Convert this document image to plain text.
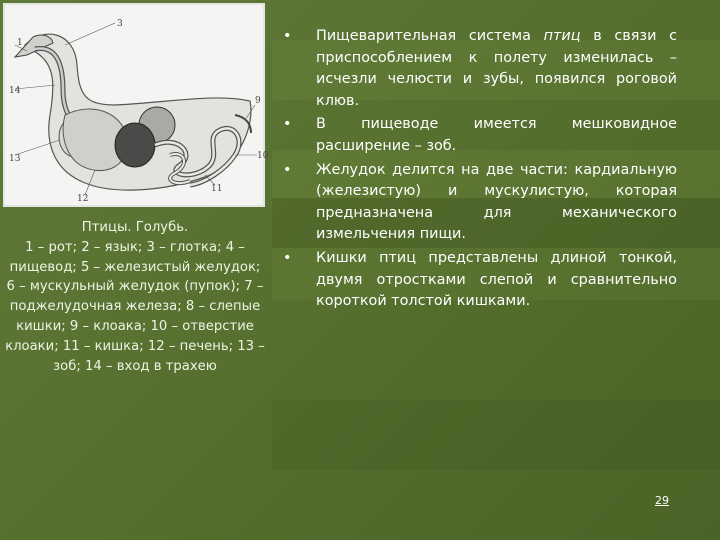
3
1
14
9
10
11
12
13
Птицы. Голубь.
1 – рот; 2 – язык; 3 – глотка; 4 – пищевод; 5 – железистый желудок; 6 – мускульный желудок (пупок); 7 – поджелудочная железа; 8 – слепые кишки; 9 – клоака; 10 – отверстие клоаки; 11 – кишка; 12 – печень; 13 – зоб; 14 – вход в трахею
• Пищеварительная система птиц в связи с приспособлением к полету изменилась – исчезли челюсти и зубы, появился роговой клюв.
• В пищеводе имеется мешковидное расширение – зоб.
• Желудок делится на две части: кардиальную (железистую) и мускулистую, которая предназначена для механического измельчения пищи.
• Кишки птиц представлены длиной тонкой, двумя отростками слепой и сравнительно короткой толстой кишками.
29
